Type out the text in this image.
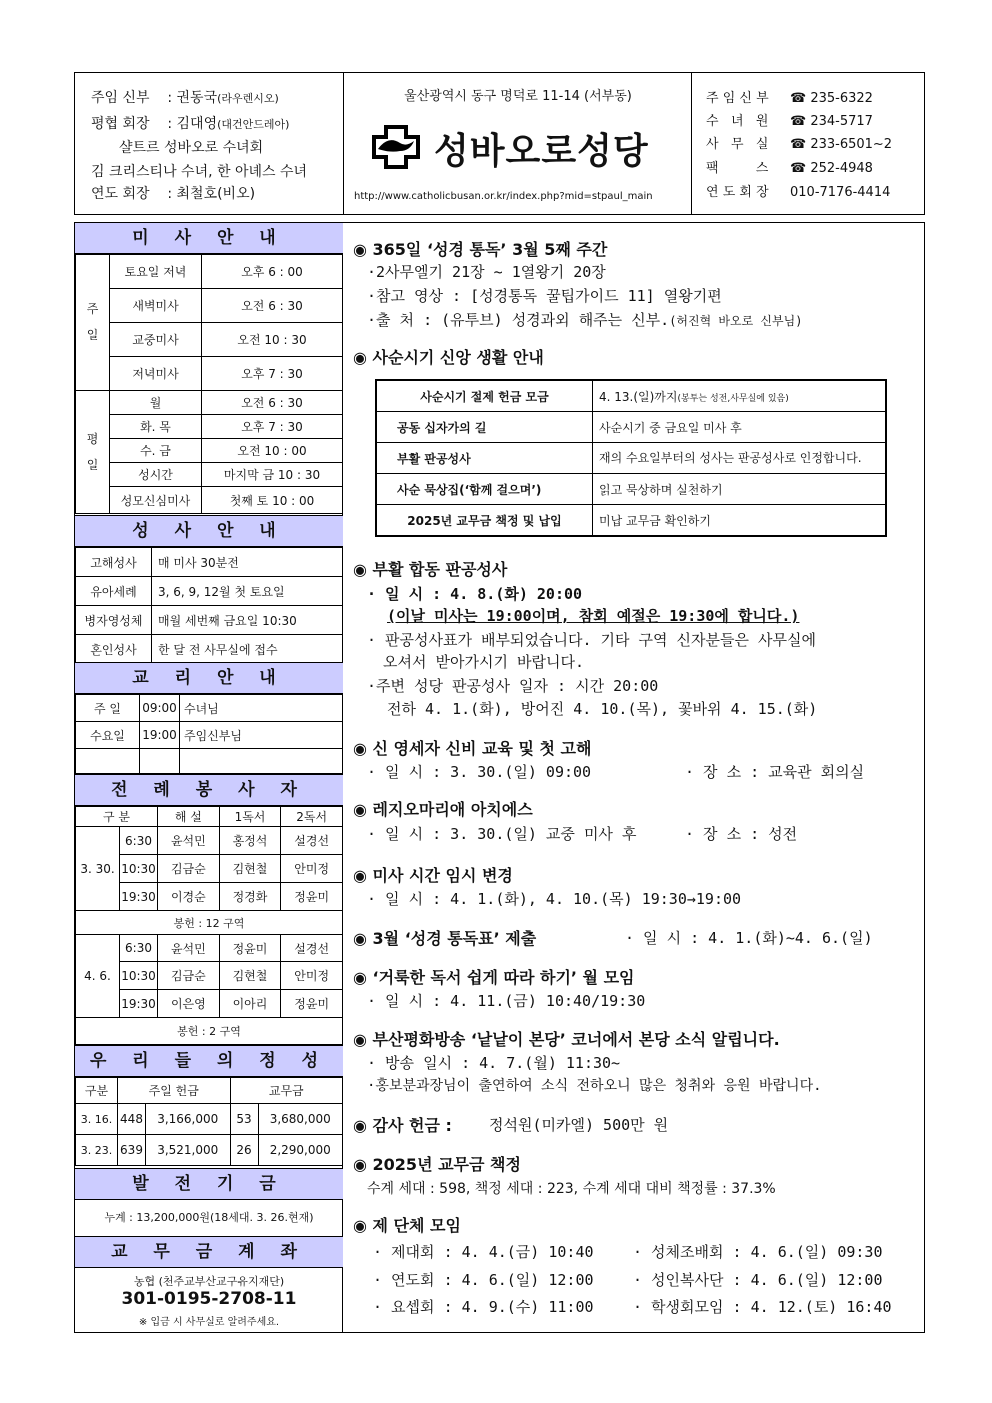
주임 신부    : 권동국(라우렌시오)
평협 회장    : 김대영(대건안드레아)
샬트르 성바오로 수녀회
김 크리스티나 수녀, 한 아녜스 수녀
연도 회장    : 최철호(비오)
울산광역시 동구 명덕로 11-14 (서부동)
성바오로성당
http://www.catholicbusan.or.kr/index.php?mid=stpaul_main
주 임 신 부 ☎ 235-6322
수   녀   원 ☎ 234-5717
사   무   실 ☎ 233-6501~2
팩         스 ☎ 252-4948
연 도 회 장 010-7176-4414
미 사 안 내
주

일	토요일 저녁	오후 6 : 00
	새벽미사	오전 6 : 30
	교중미사	오전 10 : 30
	저녁미사	오후 7 : 30
평

일	월	오전 6 : 30
	화. 목	오후 7 : 30
	수. 금	오전 10 : 00
	성시간	마지막 금 10 : 30
	성모신심미사	첫째 토 10 : 00
성 사 안 내
고해성사	매 미사 30분전
유아세례	3, 6, 9, 12월 첫 토요일
병자영성체	매월 세번째 금요일 10:30
혼인성사	한 달 전 사무실에 접수
교 리 안 내
주 일	09:00	수녀님
수요일	19:00	주임신부님

전 례 봉 사 자
구 분		해 설	1독서	2독서
3. 30.	6:30	윤석민	홍정석	설경선
	10:30	김금순	김현철	안미정
	19:30	이경순	정경화	정윤미
봉헌 : 12 구역				
4. 6.	6:30	윤석민	정윤미	설경선
	10:30	김금순	김현철	안미정
	19:30	이은영	이아리	정윤미
봉헌 : 2 구역				
우 리 들 의 정 성
구분	주일 헌금		교무금	
3. 16.	448	3,166,000	53	3,680,000
3. 23.	639	3,521,000	26	2,290,000
발 전 기 금
누계 : 13,200,000원(18세대. 3. 26.현재)
교 무 금 계 좌
농협 (천주교부산교구유지재단)
301-0195-2708-11
※ 입금 시 사무실로 알려주세요.
◉ 365일 ‘성경 통독’ 3월 5째 주간
·2사무엘기 21장 ~ 1열왕기 20장
·참고 영상 : [성경통독 꿀팁가이드 11] 열왕기편
·출 처 : (유투브) 성경과외 해주는 신부.(허진혁 바오로 신부님)
◉ 사순시기 신앙 생활 안내
사순시기 절제 헌금 모금	4. 13.(일)까지(봉투는 성전,사무실에 있음)
공동 십자가의 길	사순시기 중 금요일 미사 후
부활 판공성사	재의 수요일부터의 성사는 판공성사로 인정합니다.
사순 묵상집(‘함께 걸으며’)	읽고 묵상하며 실천하기
2025년 교무금 책정 및 납입	미납 교무금 확인하기
◉ 부활 합동 판공성사
· 일 시 : 4. 8.(화) 20:00
(이날 미사는 19:00이며, 참회 예절은 19:30에 합니다.)
· 판공성사표가 배부되었습니다. 기타 구역 신자분들은 사무실에
오셔서 받아가시기 바랍니다.
·주변 성당 판공성사 일자 : 시간 20:00
전하 4. 1.(화), 방어진 4. 10.(목), 꽃바위 4. 15.(화)
◉ 신 영세자 신비 교육 및 첫 고해
· 일 시 : 3. 30.(일) 09:00	· 장 소 : 교육관 회의실
◉ 레지오마리애 아치에스
· 일 시 : 3. 30.(일) 교중 미사 후	· 장 소 : 성전
◉ 미사 시간 임시 변경
· 일 시 : 4. 1.(화), 4. 10.(목) 19:30→19:00
◉ 3월 ‘성경 통독표’ 제출	· 일 시 : 4. 1.(화)~4. 6.(일)
◉ ‘거룩한 독서 쉽게 따라 하기’ 월 모임
· 일 시 : 4. 11.(금) 10:40/19:30
◉ 부산평화방송 ‘낱낱이 본당’ 코너에서 본당 소식 알립니다.
· 방송 일시 : 4. 7.(월) 11:30~
·홍보분과장님이 출연하여 소식 전하오니 많은 청취와 응원 바랍니다.
◉ 감사 헌금 : 정석원(미카엘) 500만 원
◉ 2025년 교무금 책정
수계 세대 : 598, 책정 세대 : 223, 수계 세대 대비 책정률 : 37.3%
◉ 제 단체 모임
· 제대회 : 4. 4.(금) 10:40	· 성체조배회 : 4. 6.(일) 09:30
· 연도회 : 4. 6.(일) 12:00	· 성인복사단 : 4. 6.(일) 12:00
· 요셉회 : 4. 9.(수) 11:00	· 학생회모임 : 4. 12.(토) 16:40
